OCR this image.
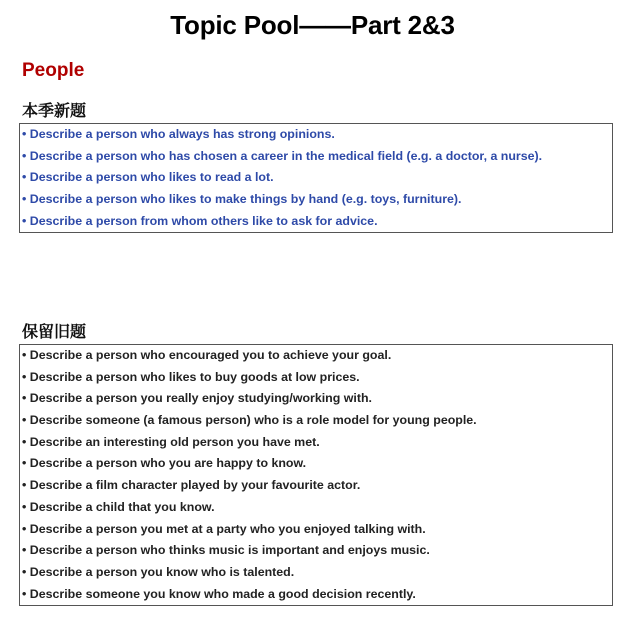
Topic Pool——Part 2&3
People
本季新题
• Describe a person who always has strong opinions.
• Describe a person who has chosen a career in the medical field (e.g. a doctor, a nurse).
• Describe a person who likes to read a lot.
• Describe a person who likes to make things by hand (e.g. toys, furniture).
• Describe a person from whom others like to ask for advice.
保留旧题
• Describe a person who encouraged you to achieve your goal.
• Describe a person who likes to buy goods at low prices.
• Describe a person you really enjoy studying/working with.
• Describe someone (a famous person) who is a role model for young people.
• Describe an interesting old person you have met.
• Describe a person who you are happy to know.
• Describe a film character played by your favourite actor.
• Describe a child that you know.
• Describe a person you met at a party who you enjoyed talking with.
• Describe a person who thinks music is important and enjoys music.
• Describe a person you know who is talented.
• Describe someone you know who made a good decision recently.
